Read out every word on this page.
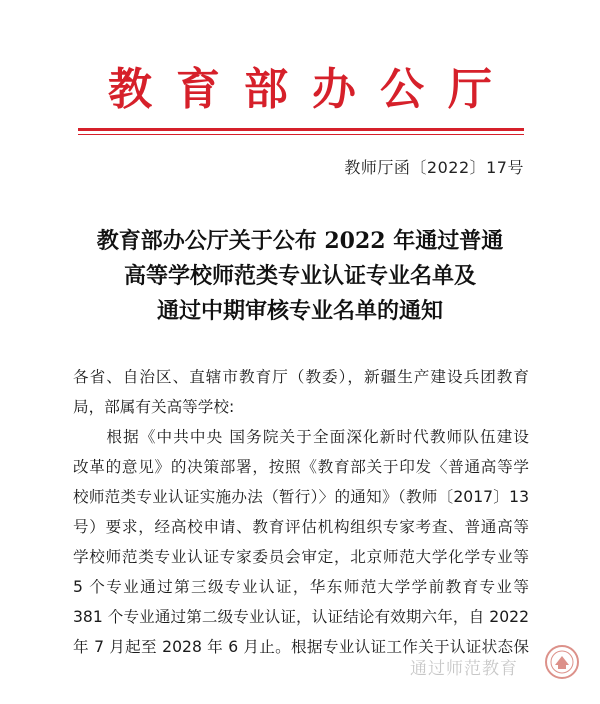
教育部办公厅
教师厅函〔2022〕17号
教育部办公厅关于公布 2022 年通过普通
高等学校师范类专业认证专业名单及
通过中期审核专业名单的通知
各省、自治区、直辖市教育厅（教委），新疆生产建设兵团教育
局，部属有关高等学校:
　　根据《中共中央 国务院关于全面深化新时代教师队伍建设
改革的意见》的决策部署，按照《教育部关于印发〈普通高等学
校师范类专业认证实施办法（暂行）〉的通知》（教师〔2017〕13
号）要求，经高校申请、教育评估机构组织专家考查、普通高等
学校师范类专业认证专家委员会审定，北京师范大学化学专业等
5 个专业通过第三级专业认证，华东师范大学学前教育专业等
381 个专业通过第二级专业认证，认证结论有效期六年，自 2022
年 7 月起至 2028 年 6 月止。根据专业认证工作关于认证状态保
通过师范教育
